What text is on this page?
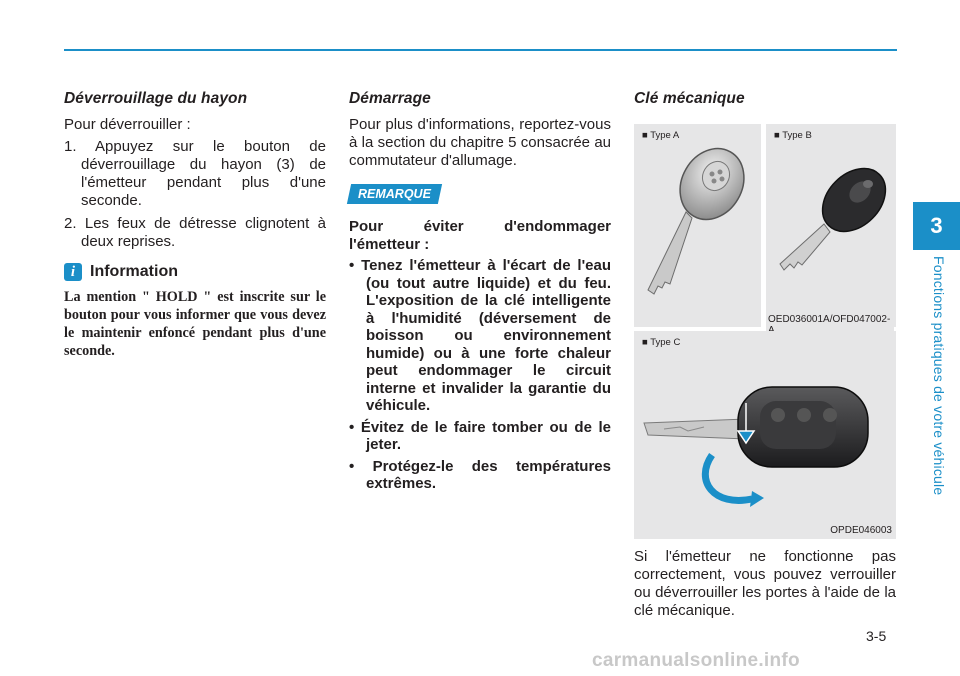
Déverrouillage du hayon

Pour déverrouiller :

1. Appuyez sur le bouton de déverrouillage du hayon (3) de l'émetteur pendant plus d'une seconde.
2. Les feux de détresse clignotent à deux reprises.
i Information
La mention " HOLD " est inscrite sur le bouton pour vous informer que vous devez le maintenir enfoncé pendant plus d'une seconde.
Démarrage

Pour plus d'informations, reportez-vous à la section du chapitre 5 consacrée au commutateur d'allumage.

REMARQUE
Pour éviter d'endommager l'émetteur :
• Tenez l'émetteur à l'écart de l'eau (ou tout autre liquide) et du feu. L'exposition de la clé intelligente à l'humidité (déversement de boisson ou environnement humide) ou à une forte chaleur peut endommager le circuit interne et invalider la garantie du véhicule.
• Évitez de le faire tomber ou de le jeter.
• Protégez-le des températures extrêmes.
Clé mécanique
■ Type A	■ Type B
OED036001A/OFD047002-
■ Type C
OPDE046003

Si l'émetteur ne fonctionne pas correctement, vous pouvez verrouiller ou déverrouiller les portes à l'aide de la clé mécanique.

3
Fonctions pratiques de votre véhicule
3-5
carmanualsonline.info
